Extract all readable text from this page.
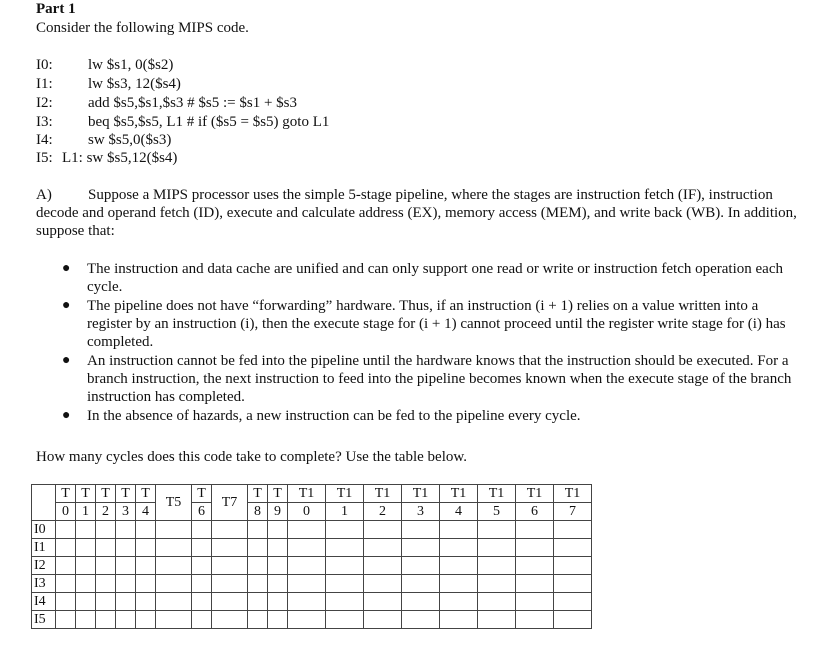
Part 1
Consider the following MIPS code.
I0: lw $s1, 0($s2)
I1: lw $s3, 12($s4)
I2: add $s5,$s1,$s3 # $s5 := $s1 + $s3
I3: beq $s5,$s5, L1 # if ($s5 = $s5) goto L1
I4: sw $s5,0($s3)
I5: L1: sw $s5,12($s4)
A) Suppose a MIPS processor uses the simple 5-stage pipeline, where the stages are instruction fetch (IF), instruction decode and operand fetch (ID), execute and calculate address (EX), memory access (MEM), and write back (WB). In addition, suppose that:
● The instruction and data cache are unified and can only support one read or write or instruction fetch operation each cycle.
● The pipeline does not have “forwarding” hardware. Thus, if an instruction (i + 1) relies on a value written into a register by an instruction (i), then the execute stage for (i + 1) cannot proceed until the register write stage for (i) has completed.
● An instruction cannot be fed into the pipeline until the hardware knows that the instruction should be executed. For a branch instruction, the next instruction to feed into the pipeline becomes known when the execute stage of the branch instruction has completed.
● In the absence of hazards, a new instruction can be fed to the pipeline every cycle.
How many cycles does this code take to complete? Use the table below.
	T	T	T	T	T	T5	T	T7	T	T	T1	T1	T1	T1	T1	T1	T1	T1
	0	1	2	3	4		6		8	9	0	1	2	3	4	5	6	7
I0																		
I1																		
I2																		
I3																		
I4																		
I5																		
